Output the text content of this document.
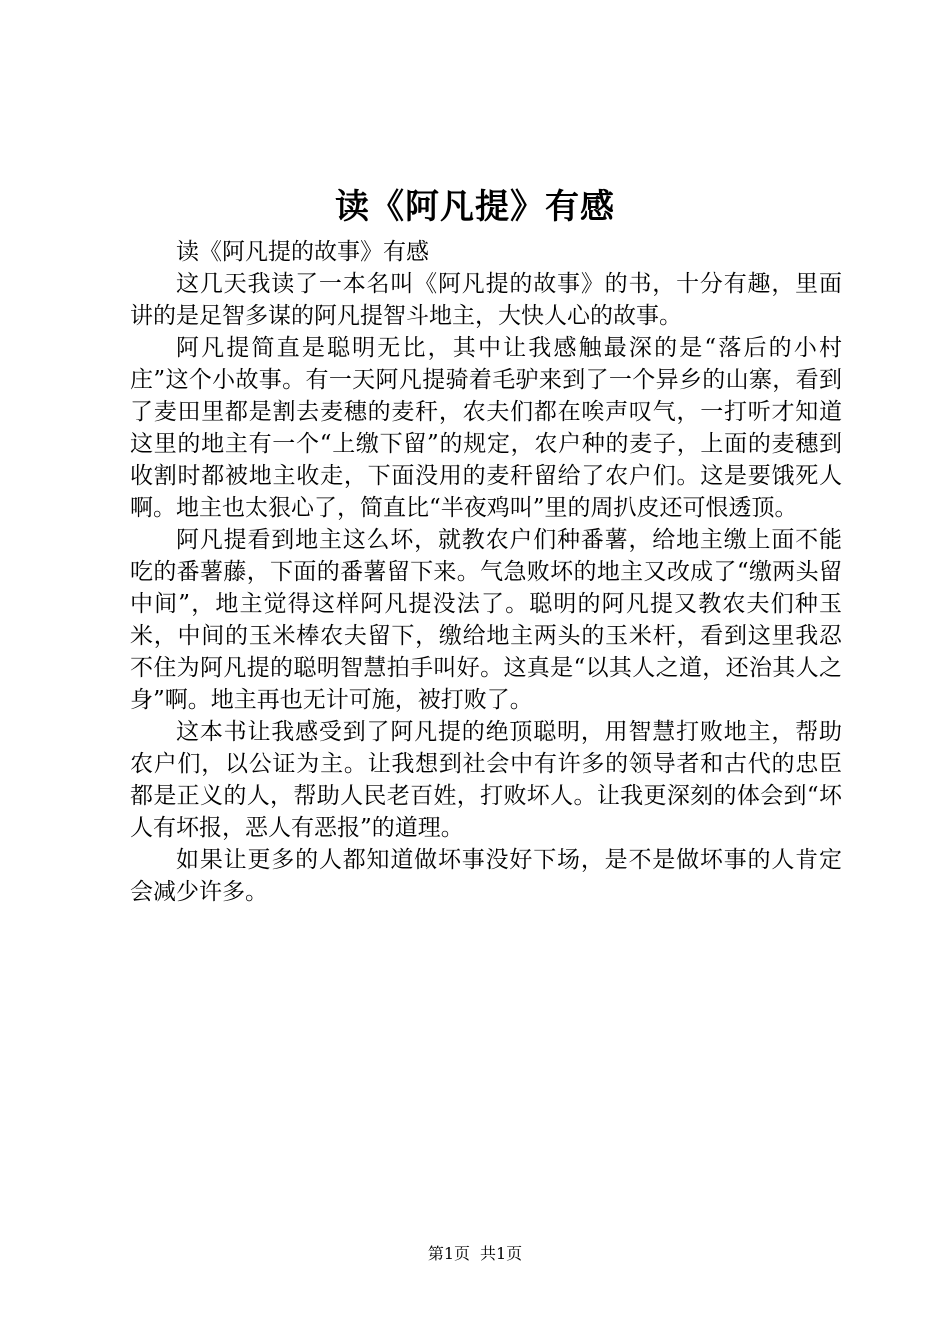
读《阿凡提》有感

读《阿凡提的故事》有感

这几天我读了一本名叫《阿凡提的故事》的书，十分有趣，里面讲的是足智多谋的阿凡提智斗地主，大快人心的故事。

阿凡提简直是聪明无比，其中让我感触最深的是“落后的小村庄”这个小故事。有一天阿凡提骑着毛驴来到了一个异乡的山寨，看到了麦田里都是割去麦穗的麦秆，农夫们都在唉声叹气，一打听才知道这里的地主有一个“上缴下留”的规定，农户种的麦子，上面的麦穗到收割时都被地主收走，下面没用的麦秆留给了农户们。这是要饿死人啊。地主也太狠心了，简直比“半夜鸡叫”里的周扒皮还可恨透顶。

阿凡提看到地主这么坏，就教农户们种番薯，给地主缴上面不能吃的番薯藤，下面的番薯留下来。气急败坏的地主又改成了“缴两头留中间”，地主觉得这样阿凡提没法了。聪明的阿凡提又教农夫们种玉米，中间的玉米棒农夫留下，缴给地主两头的玉米杆，看到这里我忍不住为阿凡提的聪明智慧拍手叫好。这真是“以其人之道，还治其人之身”啊。地主再也无计可施，被打败了。

这本书让我感受到了阿凡提的绝顶聪明，用智慧打败地主，帮助农户们，以公证为主。让我想到社会中有许多的领导者和古代的忠臣都是正义的人，帮助人民老百姓，打败坏人。让我更深刻的体会到“坏人有坏报，恶人有恶报”的道理。

如果让更多的人都知道做坏事没好下场，是不是做坏事的人肯定会减少许多。

第1页 共1页
